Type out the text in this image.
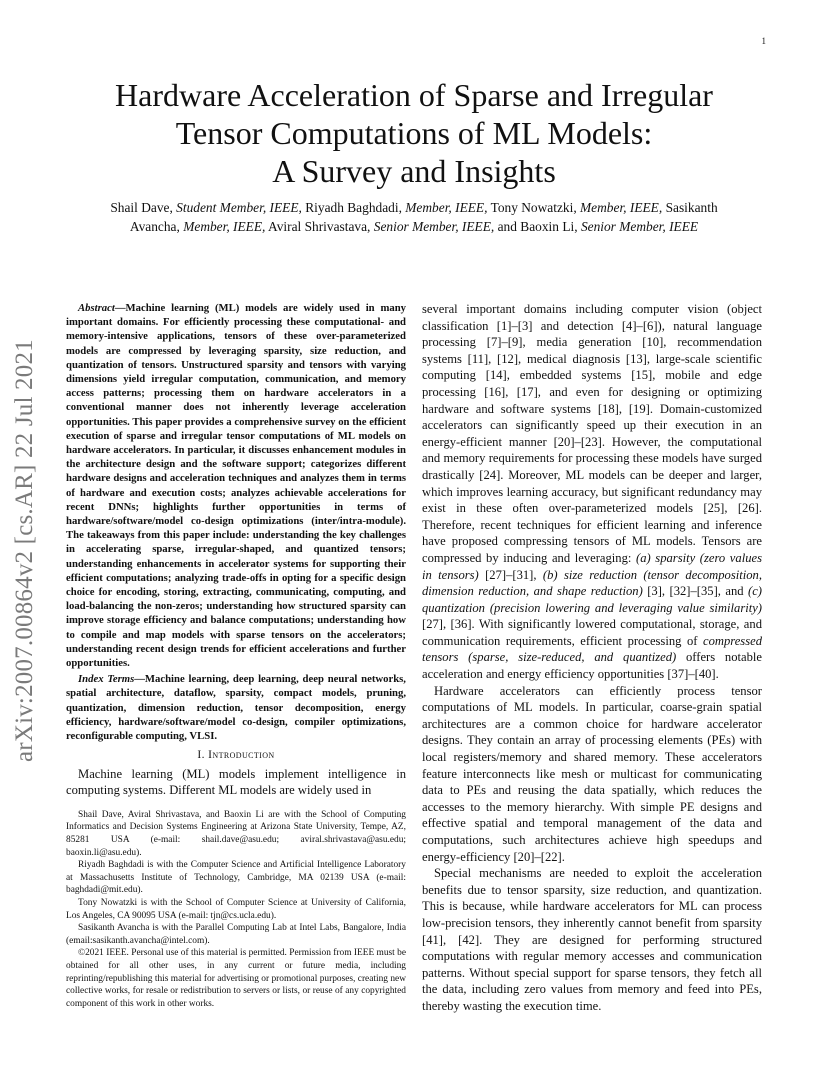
1
arXiv:2007.00864v2 [cs.AR] 22 Jul 2021
Hardware Acceleration of Sparse and Irregular
Tensor Computations of ML Models:
A Survey and Insights
Shail Dave, Student Member, IEEE, Riyadh Baghdadi, Member, IEEE, Tony Nowatzki, Member, IEEE, Sasikanth Avancha, Member, IEEE, Aviral Shrivastava, Senior Member, IEEE, and Baoxin Li, Senior Member, IEEE

Abstract—Machine learning (ML) models are widely used in many important domains. For efficiently processing these computational- and memory-intensive applications, tensors of these over-parameterized models are compressed by leveraging sparsity, size reduction, and quantization of tensors. Unstructured sparsity and tensors with varying dimensions yield irregular computation, communication, and memory access patterns; processing them on hardware accelerators in a conventional manner does not inherently leverage acceleration opportunities. This paper provides a comprehensive survey on the efficient execution of sparse and irregular tensor computations of ML models on hardware accelerators. In particular, it discusses enhancement modules in the architecture design and the software support; categorizes different hardware designs and acceleration techniques and analyzes them in terms of hardware and execution costs; analyzes achievable accelerations for recent DNNs; highlights further opportunities in terms of hardware/software/model co-design optimizations (inter/intra-module). The takeaways from this paper include: understanding the key challenges in accelerating sparse, irregular-shaped, and quantized tensors; understanding enhancements in accelerator systems for supporting their efficient computations; analyzing trade-offs in opting for a specific design choice for encoding, storing, extracting, communicating, computing, and load-balancing the non-zeros; understanding how structured sparsity can improve storage efficiency and balance computations; understanding how to compile and map models with sparse tensors on the accelerators; understanding recent design trends for efficient accelerations and further opportunities.

Index Terms—Machine learning, deep learning, deep neural networks, spatial architecture, dataflow, sparsity, compact models, pruning, quantization, dimension reduction, tensor decomposition, energy efficiency, hardware/software/model co-design, compiler optimizations, reconfigurable computing, VLSI.

I. Introduction

Machine learning (ML) models implement intelligence in computing systems. Different ML models are widely used in

Shail Dave, Aviral Shrivastava, and Baoxin Li are with the School of Computing Informatics and Decision Systems Engineering at Arizona State University, Tempe, AZ, 85281 USA (e-mail: shail.dave@asu.edu; aviral.shrivastava@asu.edu; baoxin.li@asu.edu).

Riyadh Baghdadi is with the Computer Science and Artificial Intelligence Laboratory at Massachusetts Institute of Technology, Cambridge, MA 02139 USA (e-mail: baghdadi@mit.edu).

Tony Nowatzki is with the School of Computer Science at University of California, Los Angeles, CA 90095 USA (e-mail: tjn@cs.ucla.edu).

Sasikanth Avancha is with the Parallel Computing Lab at Intel Labs, Bangalore, India (email:sasikanth.avancha@intel.com).

©2021 IEEE. Personal use of this material is permitted. Permission from IEEE must be obtained for all other uses, in any current or future media, including reprinting/republishing this material for advertising or promotional purposes, creating new collective works, for resale or redistribution to servers or lists, or reuse of any copyrighted component of this work in other works.

several important domains including computer vision (object classification [1]–[3] and detection [4]–[6]), natural language processing [7]–[9], media generation [10], recommendation systems [11], [12], medical diagnosis [13], large-scale scientific computing [14], embedded systems [15], mobile and edge processing [16], [17], and even for designing or optimizing hardware and software systems [18], [19]. Domain-customized accelerators can significantly speed up their execution in an energy-efficient manner [20]–[23]. However, the computational and memory requirements for processing these models have surged drastically [24]. Moreover, ML models can be deeper and larger, which improves learning accuracy, but significant redundancy may exist in these often over-parameterized models [25], [26]. Therefore, recent techniques for efficient learning and inference have proposed compressing tensors of ML models. Tensors are compressed by inducing and leveraging: (a) sparsity (zero values in tensors) [27]–[31], (b) size reduction (tensor decomposition, dimension reduction, and shape reduction) [3], [32]–[35], and (c) quantization (precision lowering and leveraging value similarity) [27], [36]. With significantly lowered computational, storage, and communication requirements, efficient processing of compressed tensors (sparse, size-reduced, and quantized) offers notable acceleration and energy efficiency opportunities [37]–[40].

Hardware accelerators can efficiently process tensor computations of ML models. In particular, coarse-grain spatial architectures are a common choice for hardware accelerator designs. They contain an array of processing elements (PEs) with local registers/memory and shared memory. These accelerators feature interconnects like mesh or multicast for communicating data to PEs and reusing the data spatially, which reduces the accesses to the memory hierarchy. With simple PE designs and effective spatial and temporal management of the data and computations, such architectures achieve high speedups and energy-efficiency [20]–[22].

Special mechanisms are needed to exploit the acceleration benefits due to tensor sparsity, size reduction, and quantization. This is because, while hardware accelerators for ML can process low-precision tensors, they inherently cannot benefit from sparsity [41], [42]. They are designed for performing structured computations with regular memory accesses and communication patterns. Without special support for sparse tensors, they fetch all the data, including zero values from memory and feed into PEs, thereby wasting the execution time.
